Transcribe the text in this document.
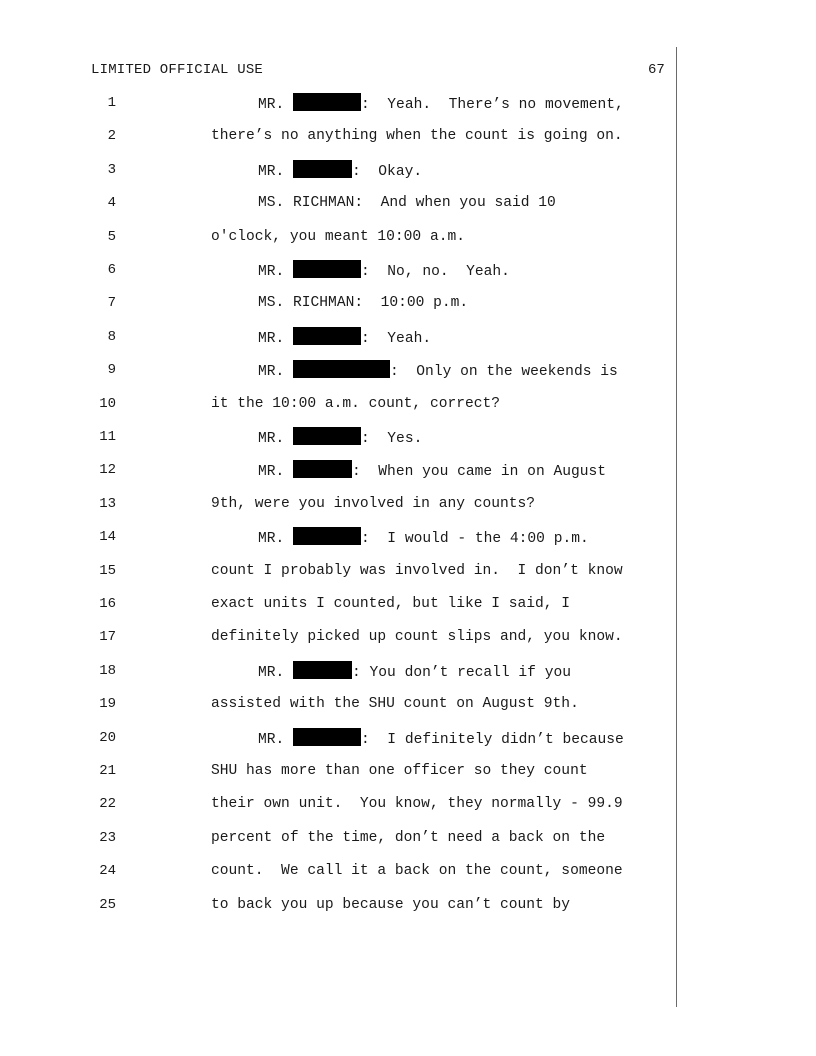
LIMITED OFFICIAL USE	67
1	MR.	:  Yeah.  There’s no movement,
2	there’s no anything when the count is going on.
3	MR.	:  Okay.
4	MS. RICHMAN:  And when you said 10
5	o'clock, you meant 10:00 a.m.
6	MR.	:  No, no.  Yeah.
7	MS. RICHMAN:  10:00 p.m.
8	MR.	:  Yeah.
9	MR.	:  Only on the weekends is
10	it the 10:00 a.m. count, correct?
11	MR.	:  Yes.
12	MR.	:  When you came in on August
13	9th, were you involved in any counts?
14	MR.	:  I would - the 4:00 p.m.
15	count I probably was involved in.  I don’t know
16	exact units I counted, but like I said, I
17	definitely picked up count slips and, you know.
18	MR.	: You don’t recall if you
19	assisted with the SHU count on August 9th.
20	MR.	:  I definitely didn’t because
21	SHU has more than one officer so they count
22	their own unit.  You know, they normally - 99.9
23	percent of the time, don’t need a back on the
24	count.  We call it a back on the count, someone
25	to back you up because you can’t count by
